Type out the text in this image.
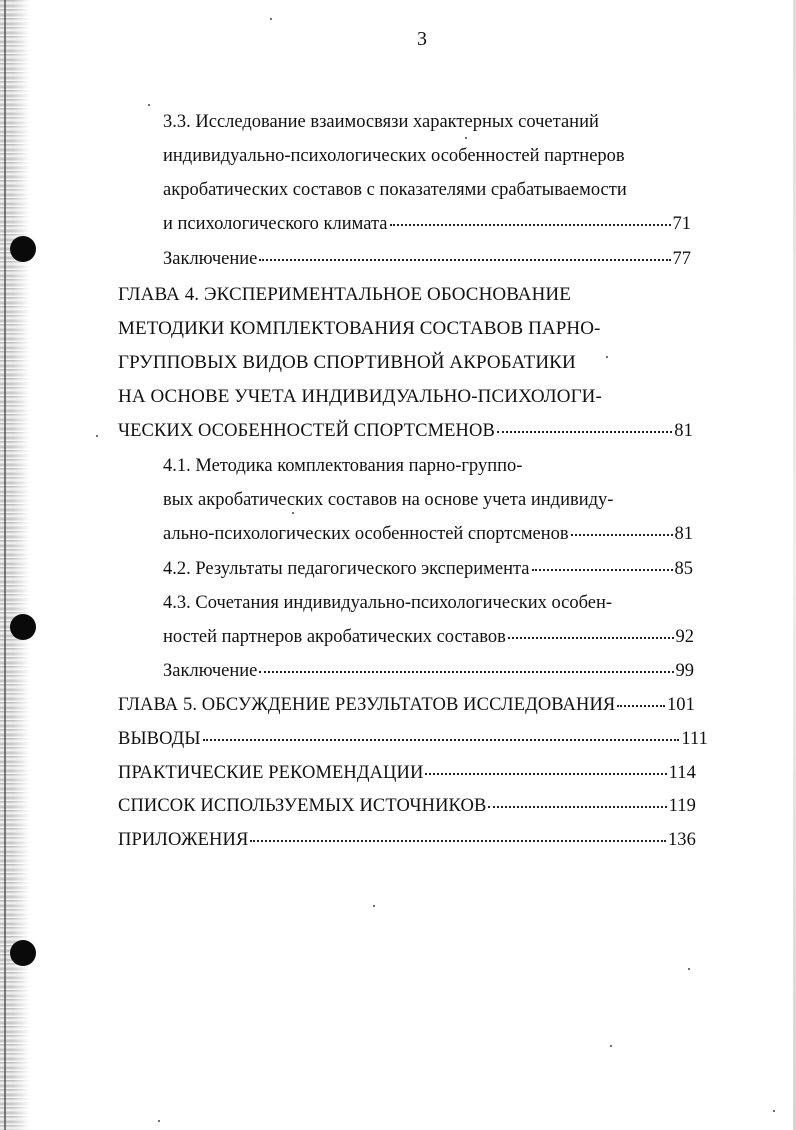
3
3.3. Исследование взаимосвязи характерных сочетаний
индивидуально-психологических особенностей партнеров
акробатических составов с показателями срабатываемости
и психологического климата	71
Заключение	77
ГЛАВА 4. ЭКСПЕРИМЕНТАЛЬНОЕ ОБОСНОВАНИЕ
МЕТОДИКИ КОМПЛЕКТОВАНИЯ СОСТАВОВ ПАРНО-
ГРУППОВЫХ ВИДОВ СПОРТИВНОЙ АКРОБАТИКИ
НА ОСНОВЕ УЧЕТА ИНДИВИДУАЛЬНО-ПСИХОЛОГИ-
ЧЕСКИХ ОСОБЕННОСТЕЙ СПОРТСМЕНОВ	81
4.1. Методика комплектования парно-группо-
вых акробатических составов на основе учета индивиду-
ально-психологических особенностей спортсменов	81
4.2. Результаты педагогического эксперимента	85
4.3. Сочетания индивидуально-психологических особен-
ностей партнеров акробатических составов	92
Заключение	99
ГЛАВА 5. ОБСУЖДЕНИЕ РЕЗУЛЬТАТОВ ИССЛЕДОВАНИЯ	101
ВЫВОДЫ	111
ПРАКТИЧЕСКИЕ РЕКОМЕНДАЦИИ	114
СПИСОК ИСПОЛЬЗУЕМЫХ ИСТОЧНИКОВ	119
ПРИЛОЖЕНИЯ	136
